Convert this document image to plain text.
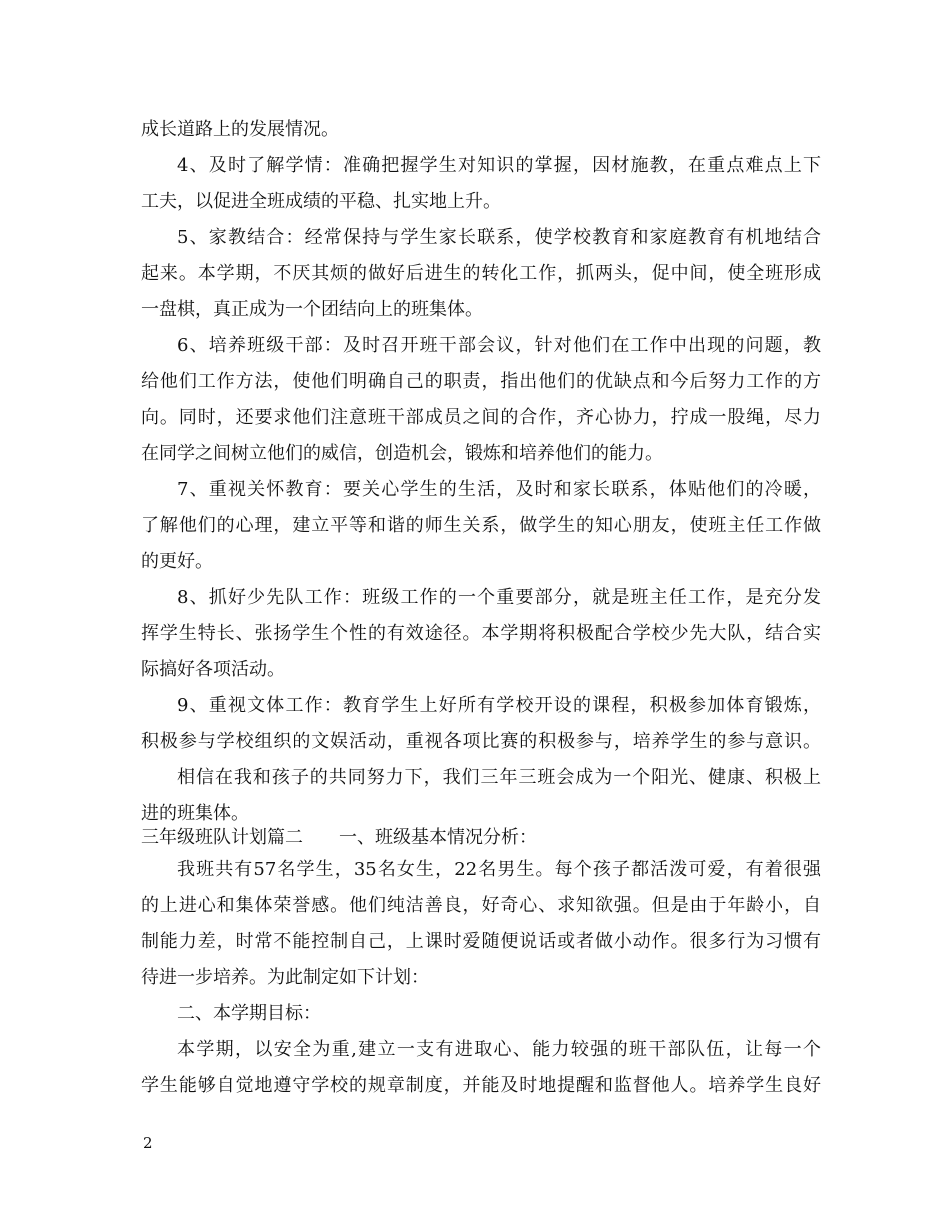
成长道路上的发展情况。
4、及时了解学情：准确把握学生对知识的掌握，因材施教，在重点难点上下
工夫，以促进全班成绩的平稳、扎实地上升。
5、家教结合：经常保持与学生家长联系，使学校教育和家庭教育有机地结合
起来。本学期，不厌其烦的做好后进生的转化工作，抓两头，促中间，使全班形成
一盘棋，真正成为一个团结向上的班集体。
6、培养班级干部：及时召开班干部会议，针对他们在工作中出现的问题，教
给他们工作方法，使他们明确自己的职责，指出他们的优缺点和今后努力工作的方
向。同时，还要求他们注意班干部成员之间的合作，齐心协力，拧成一股绳，尽力
在同学之间树立他们的威信，创造机会，锻炼和培养他们的能力。
7、重视关怀教育：要关心学生的生活，及时和家长联系，体贴他们的冷暖，
了解他们的心理，建立平等和谐的师生关系，做学生的知心朋友，使班主任工作做
的更好。
8、抓好少先队工作：班级工作的一个重要部分，就是班主任工作，是充分发
挥学生特长、张扬学生个性的有效途径。本学期将积极配合学校少先大队，结合实
际搞好各项活动。
9、重视文体工作：教育学生上好所有学校开设的课程，积极参加体育锻炼，
积极参与学校组织的文娱活动，重视各项比赛的积极参与，培养学生的参与意识。
相信在我和孩子的共同努力下，我们三年三班会成为一个阳光、健康、积极上
进的班集体。
三年级班队计划篇二　　一、班级基本情况分析：
我班共有57名学生，35名女生，22名男生。每个孩子都活泼可爱，有着很强
的上进心和集体荣誉感。他们纯洁善良，好奇心、求知欲强。但是由于年龄小，自
制能力差，时常不能控制自己，上课时爱随便说话或者做小动作。很多行为习惯有
待进一步培养。为此制定如下计划：
二、本学期目标：
本学期，以安全为重,建立一支有进取心、能力较强的班干部队伍，让每一个
学生能够自觉地遵守学校的规章制度，并能及时地提醒和监督他人。培养学生良好
2
